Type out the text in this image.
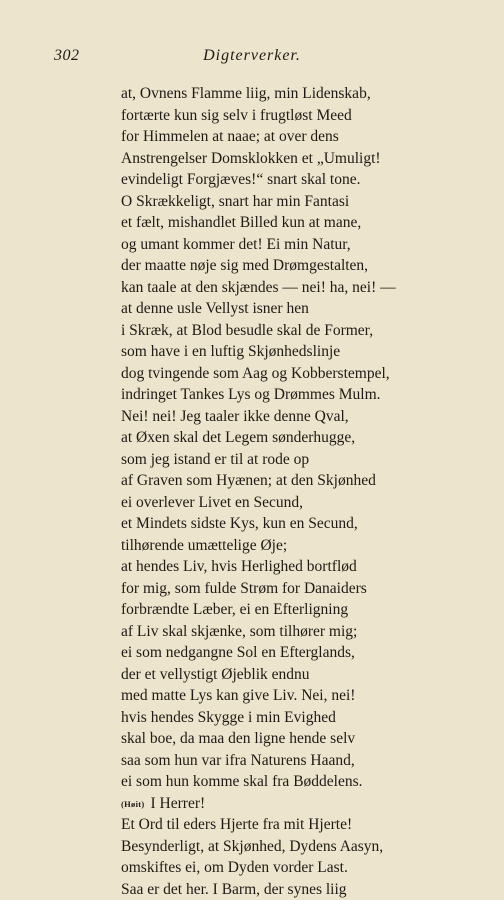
302	Digterverker.
at, Ovnens Flamme liig, min Lidenskab,
fortærte kun sig selv i frugtløst Meed
for Himmelen at naae; at over dens
Anstrengelser Domsklokken et „Umuligt!
evindeligt Forgjæves!“ snart skal tone.
O Skrækkeligt, snart har min Fantasi
et fælt, mishandlet Billed kun at mane,
og umant kommer det! Ei min Natur,
der maatte nøje sig med Drømgestalten,
kan taale at den skjændes — nei! ha, nei! —
at denne usle Vellyst isner hen
i Skræk, at Blod besudle skal de Former,
som have i en luftig Skjønhedslinje
dog tvingende som Aag og Kobberstempel,
indringet Tankes Lys og Drømmes Mulm.
Nei! nei! Jeg taaler ikke denne Qval,
at Øxen skal det Legem sønderhugge,
som jeg istand er til at rode op
af Graven som Hyænen; at den Skjønhed
ei overlever Livet en Secund,
et Mindets sidste Kys, kun en Secund,
tilhørende umættelige Øje;
at hendes Liv, hvis Herlighed bortflød
for mig, som fulde Strøm for Danaiders
forbrændte Læber, ei en Efterligning
af Liv skal skjænke, som tilhører mig;
ei som nedgangne Sol en Efterglands,
der et vellystigt Øjeblik endnu
med matte Lys kan give Liv. Nei, nei!
hvis hendes Skygge i min Evighed
skal boe, da maa den ligne hende selv
saa som hun var ifra Naturens Haand,
ei som hun komme skal fra Bøddelens.
(Høit) I Herrer!
Et Ord til eders Hjerte fra mit Hjerte!
Besynderligt, at Skjønhed, Dydens Aasyn,
omskiftes ei, om Dyden vorder Last.
Saa er det her. I Barm, der synes liig
